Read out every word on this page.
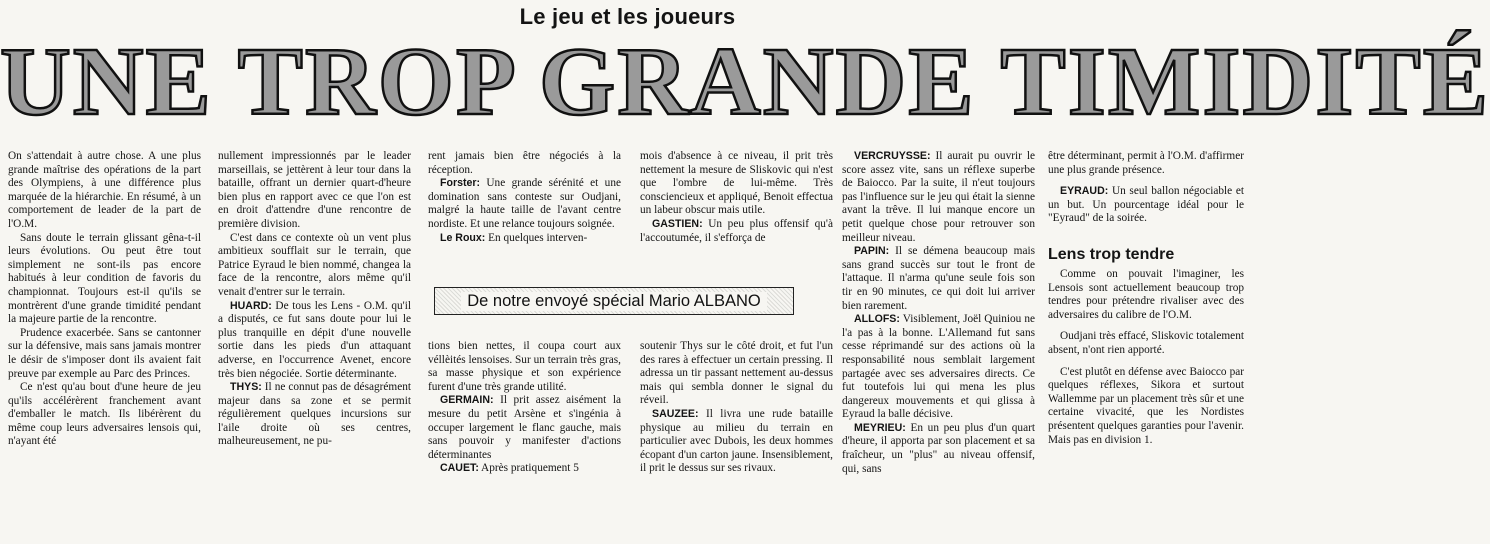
Le jeu et les joueurs
UNE TROP GRANDE TIMIDITÉ

On s'attendait à autre chose. A une plus grande maîtrise des opérations de la part des Olympiens, à une différence plus marquée de la hiérarchie. En résumé, à un comportement de leader de la part de l'O.M.

Sans doute le terrain glissant gêna-t-il leurs évolutions. Ou peut être tout simplement ne sont-ils pas encore habitués à leur condition de favoris du championnat. Toujours est-il qu'ils se montrèrent d'une grande timidité pendant la majeure partie de la rencontre.

Prudence exacerbée. Sans se cantonner sur la défensive, mais sans jamais montrer le désir de s'imposer dont ils avaient fait preuve par exemple au Parc des Princes.

Ce n'est qu'au bout d'une heure de jeu qu'ils accélérèrent franchement avant d'emballer le match. Ils libérèrent du même coup leurs adversaires lensois qui, n'ayant été

nullement impressionnés par le leader marseillais, se jettèrent à leur tour dans la bataille, offrant un dernier quart-d'heure bien plus en rapport avec ce que l'on est en droit d'attendre d'une rencontre de première division.

C'est dans ce contexte où un vent plus ambitieux soufflait sur le terrain, que Patrice Eyraud le bien nommé, changea la face de la rencontre, alors même qu'il venait d'entrer sur le terrain.

HUARD: De tous les Lens - O.M. qu'il a disputés, ce fut sans doute pour lui le plus tranquille en dépit d'une nouvelle sortie dans les pieds d'un attaquant adverse, en l'occurrence Avenet, encore très bien négociée. Sortie déterminante.

THYS: Il ne connut pas de désagrément majeur dans sa zone et se permit régulièrement quelques incursions sur l'aile droite où ses centres, malheureusement, ne pu-

rent jamais bien être négociés à la réception.

Forster: Une grande sérénité et une domination sans conteste sur Oudjani, malgré la haute taille de l'avant centre nordiste. Et une relance toujours soignée.

Le Roux: En quelques interven-

mois d'absence à ce niveau, il prit très nettement la mesure de Sliskovic qui n'est que l'ombre de lui-même. Très consciencieux et appliqué, Benoit effectua un labeur obscur mais utile.

GASTIEN: Un peu plus offensif qu'à l'accoutumée, il s'efforça de

De notre envoyé spécial Mario ALBANO

tions bien nettes, il coupa court aux véllèités lensoises. Sur un terrain très gras, sa masse physique et son expérience furent d'une très grande utilité.

GERMAIN: Il prit assez aisément la mesure du petit Arsène et s'ingénia à occuper largement le flanc gauche, mais sans pouvoir y manifester d'actions déterminantes

CAUET: Après pratiquement 5

soutenir Thys sur le côté droit, et fut l'un des rares à effectuer un certain pressing. Il adressa un tir passant nettement au-dessus mais qui sembla donner le signal du réveil.

SAUZEE: Il livra une rude bataille physique au milieu du terrain en particulier avec Dubois, les deux hommes écopant d'un carton jaune. Insensiblement, il prit le dessus sur ses rivaux.

VERCRUYSSE: Il aurait pu ouvrir le score assez vite, sans un réflexe superbe de Baiocco. Par la suite, il n'eut toujours pas l'influence sur le jeu qui était la sienne avant la trêve. Il lui manque encore un petit quelque chose pour retrouver son meilleur niveau.

PAPIN: Il se démena beaucoup mais sans grand succès sur tout le front de l'attaque. Il n'arma qu'une seule fois son tir en 90 minutes, ce qui doit lui arriver bien rarement.

ALLOFS: Visiblement, Joël Quiniou ne l'a pas à la bonne. L'Allemand fut sans cesse réprimandé sur des actions où la responsabilité nous semblait largement partagée avec ses adversaires directs. Ce fut toutefois lui qui mena les plus dangereux mouvements et qui glissa à Eyraud la balle décisive.

MEYRIEU: En un peu plus d'un quart d'heure, il apporta par son placement et sa fraîcheur, un "plus" au niveau offensif, qui, sans

être déterminant, permit à l'O.M. d'affirmer une plus grande présence.

EYRAUD: Un seul ballon négociable et un but. Un pourcentage idéal pour le "Eyraud" de la soirée.

Lens trop tendre

Comme on pouvait l'imaginer, les Lensois sont actuellement beaucoup trop tendres pour prétendre rivaliser avec des adversaires du calibre de l'O.M.

Oudjani très effacé, Sliskovic totalement absent, n'ont rien apporté.

C'est plutôt en défense avec Baiocco par quelques réflexes, Sikora et surtout Wallemme par un placement très sûr et une certaine vivacité, que les Nordistes présentent quelques garanties pour l'avenir. Mais pas en division 1.
